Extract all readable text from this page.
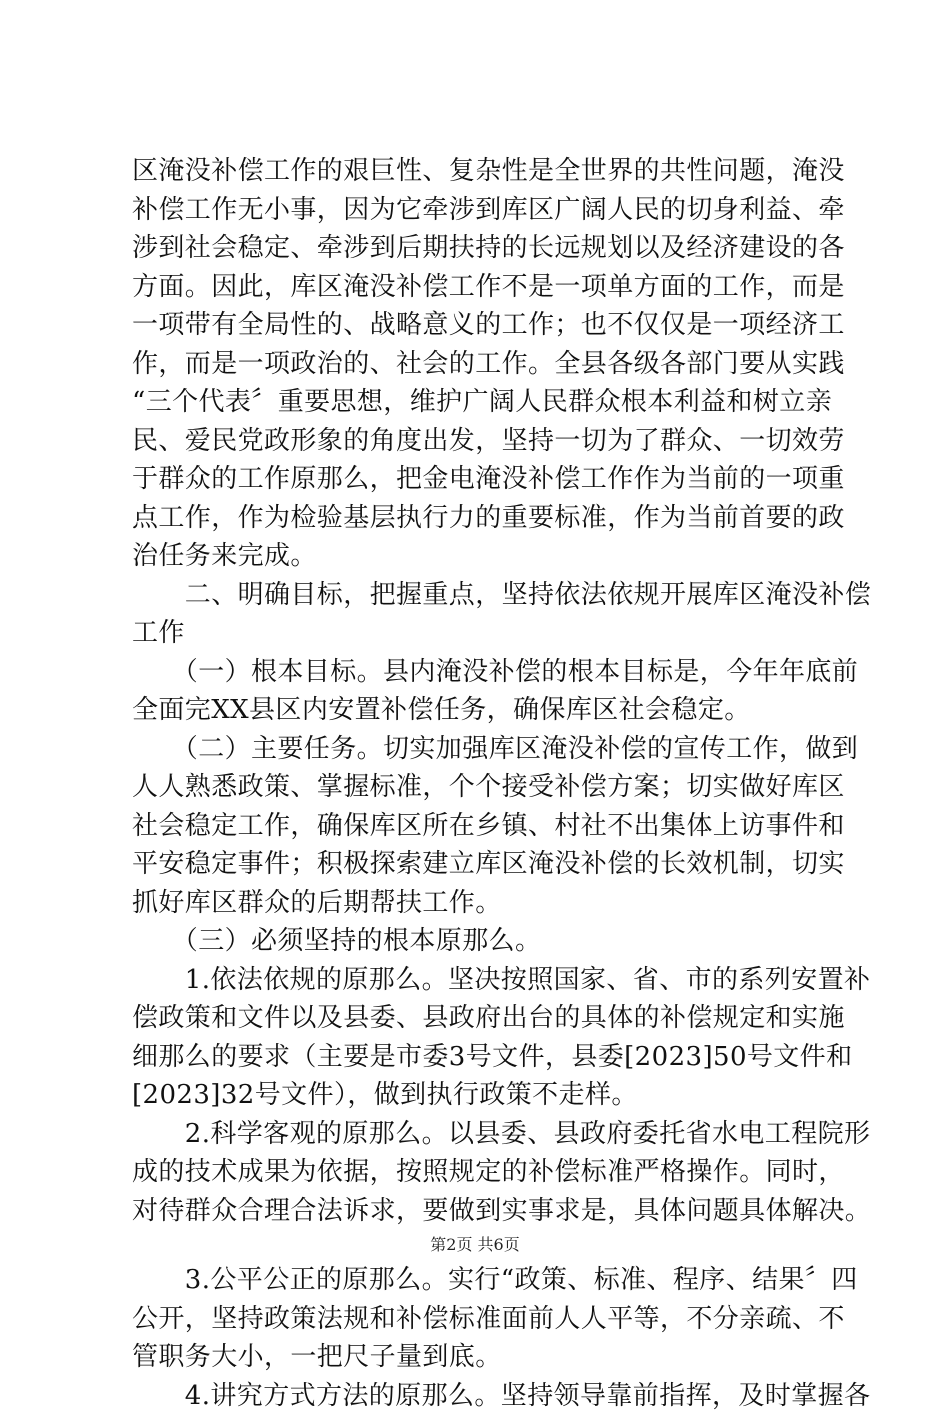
区淹没补偿工作的艰巨性、复杂性是全世界的共性问题，淹没
补偿工作无小事，因为它牵涉到库区广阔人民的切身利益、牵
涉到社会稳定、牵涉到后期扶持的长远规划以及经济建设的各
方面。因此，库区淹没补偿工作不是一项单方面的工作，而是
一项带有全局性的、战略意义的工作；也不仅仅是一项经济工
作，而是一项政治的、社会的工作。全县各级各部门要从实践
“三个代表〞重要思想，维护广阔人民群众根本利益和树立亲
民、爱民党政形象的角度出发，坚持一切为了群众、一切效劳
于群众的工作原那么，把金电淹没补偿工作作为当前的一项重
点工作，作为检验基层执行力的重要标准，作为当前首要的政
治任务来完成。
　　二、明确目标，把握重点，坚持依法依规开展库区淹没补偿
工作
　　（一）根本目标。县内淹没补偿的根本目标是，今年年底前
全面完XX县区内安置补偿任务，确保库区社会稳定。
　　（二）主要任务。切实加强库区淹没补偿的宣传工作，做到
人人熟悉政策、掌握标准，个个接受补偿方案；切实做好库区
社会稳定工作，确保库区所在乡镇、村社不出集体上访事件和
平安稳定事件；积极探索建立库区淹没补偿的长效机制，切实
抓好库区群众的后期帮扶工作。
　　（三）必须坚持的根本原那么。
　　1.依法依规的原那么。坚决按照国家、省、市的系列安置补
偿政策和文件以及县委、县政府出台的具体的补偿规定和实施
细那么的要求（主要是市委3号文件，县委[2023]50号文件和
[2023]32号文件），做到执行政策不走样。
　　2.科学客观的原那么。以县委、县政府委托省水电工程院形
成的技术成果为依据，按照规定的补偿标准严格操作。同时，
对待群众合理合法诉求，要做到实事求是，具体问题具体解决。
　　3.公平公正的原那么。实行“政策、标准、程序、结果〞四
公开，坚持政策法规和补偿标准面前人人平等，不分亲疏、不
管职务大小，一把尺子量到底。
　　4.讲究方式方法的原那么。坚持领导靠前指挥，及时掌握各
第2页 共6页
